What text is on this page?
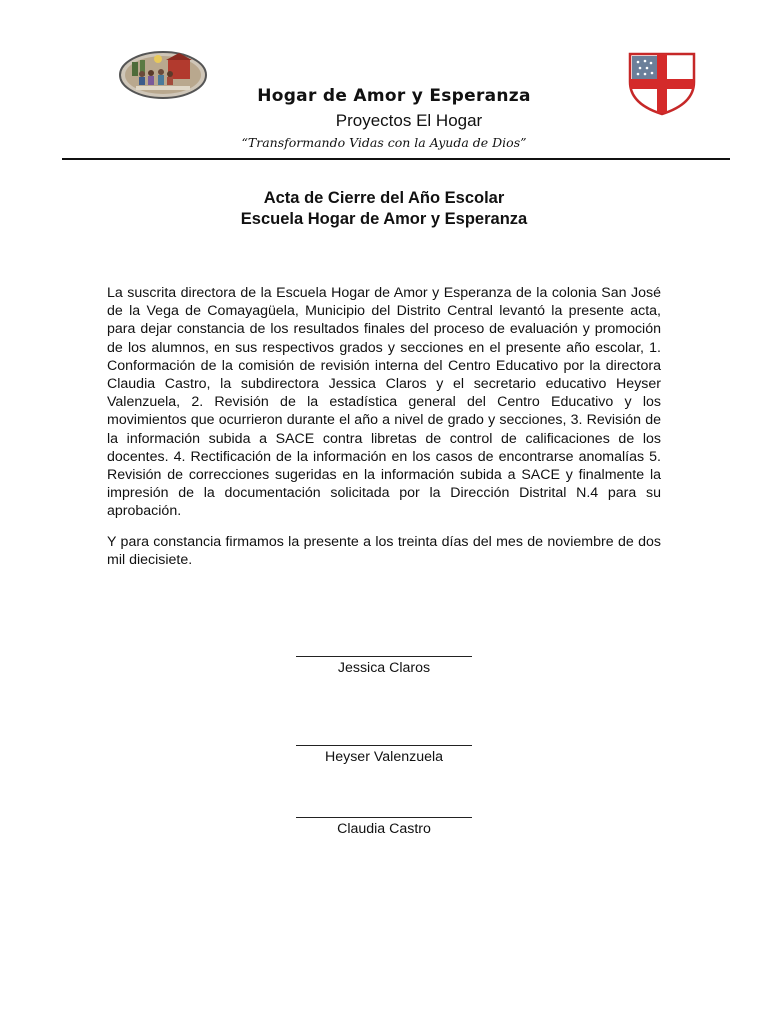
Hogar de Amor y Esperanza
Proyectos El Hogar
“Transformando Vidas con la Ayuda de Dios”
Acta de Cierre del Año Escolar
Escuela Hogar de Amor y Esperanza
La suscrita directora de la Escuela Hogar de Amor y Esperanza de la colonia San José de la Vega de Comayagüela, Municipio del Distrito Central levantó la presente acta, para dejar constancia de los resultados finales del proceso de evaluación y promoción de los alumnos, en sus respectivos grados y secciones en el presente año escolar, 1. Conformación de la comisión de revisión interna del Centro Educativo por la directora Claudia Castro, la subdirectora Jessica Claros y el secretario educativo Heyser Valenzuela, 2. Revisión de la estadística general del Centro Educativo y los movimientos que ocurrieron durante el año a nivel de grado y secciones, 3. Revisión de la información subida a SACE contra libretas de control de calificaciones de los docentes. 4. Rectificación de la información en los casos de encontrarse anomalías 5. Revisión de correcciones sugeridas en la información subida a SACE y finalmente la impresión de la documentación solicitada por la Dirección Distrital N.4 para su aprobación.
Y para constancia firmamos la presente a los treinta días del mes de noviembre de dos mil diecisiete.
Jessica Claros
Heyser Valenzuela
Claudia Castro
